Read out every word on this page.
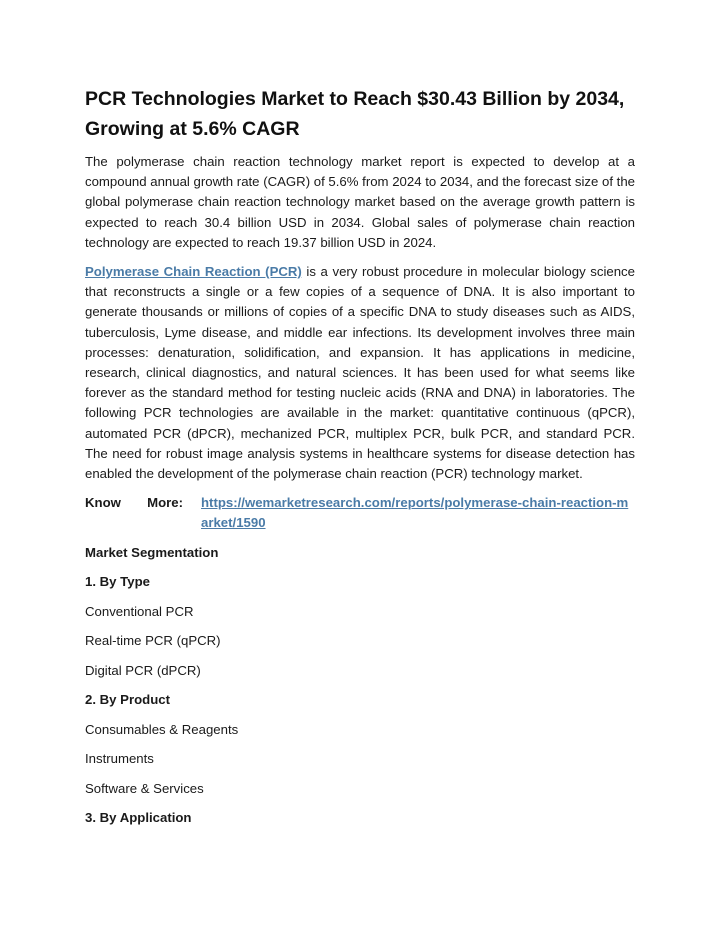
PCR Technologies Market to Reach $30.43 Billion by 2034, Growing at 5.6% CAGR

The polymerase chain reaction technology market report is expected to develop at a compound annual growth rate (CAGR) of 5.6% from 2024 to 2034, and the forecast size of the global polymerase chain reaction technology market based on the average growth pattern is expected to reach 30.4 billion USD in 2034. Global sales of polymerase chain reaction technology are expected to reach 19.37 billion USD in 2024.

Polymerase Chain Reaction (PCR) is a very robust procedure in molecular biology science that reconstructs a single or a few copies of a sequence of DNA. It is also important to generate thousands or millions of copies of a specific DNA to study diseases such as AIDS, tuberculosis, Lyme disease, and middle ear infections. Its development involves three main processes: denaturation, solidification, and expansion. It has applications in medicine, research, clinical diagnostics, and natural sciences. It has been used for what seems like forever as the standard method for testing nucleic acids (RNA and DNA) in laboratories. The following PCR technologies are available in the market: quantitative continuous (qPCR), automated PCR (dPCR), mechanized PCR, multiplex PCR, bulk PCR, and standard PCR. The need for robust image analysis systems in healthcare systems for disease detection has enabled the development of the polymerase chain reaction (PCR) technology market.

Know More:	https://wemarketresearch.com/reports/polymerase-chain-reaction-market/1590

Market Segmentation

1. By Type

Conventional PCR

Real-time PCR (qPCR)

Digital PCR (dPCR)

2. By Product

Consumables & Reagents

Instruments

Software & Services

3. By Application
